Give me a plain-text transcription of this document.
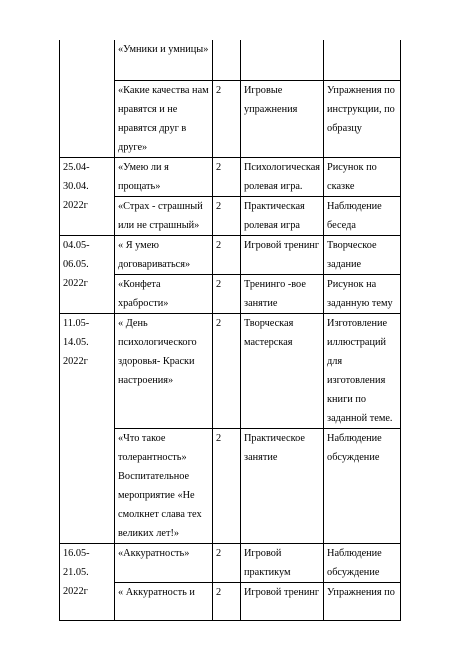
	«Умники и умницы»			

	«Какие качества нам нравятся и не нравятся друг в друге»	2	Игровые упражнения	Упражнения по инструкции, по образцу

25.04-30.04. 2022г	«Умею ли я прощать»	2	Психологическая ролевая игра.	Рисунок по сказке

	«Страх - страшный или не страшный»	2	Практическая ролевая игра	Наблюдение беседа

04.05-06.05. 2022г	« Я умею договариваться»	2	Игровой тренинг	Творческое задание

	«Конфета храбрости»	2	Тренинго -вое занятие	Рисунок на заданную тему

11.05-14.05. 2022г	« День психологического здоровья- Краски настроения»	2	Творческая мастерская	Изготовление иллюстраций для изготовления книги по заданной теме.

	«Что такое толерантность» Воспитательное мероприятие «Не смолкнет слава тех великих лет!»	2	Практическое занятие	Наблюдение обсуждение

16.05-21.05. 2022г	«Аккуратность»	2	Игровой практикум	Наблюдение обсуждение

	« Аккуратность и	2	Игровой тренинг	Упражнения по
